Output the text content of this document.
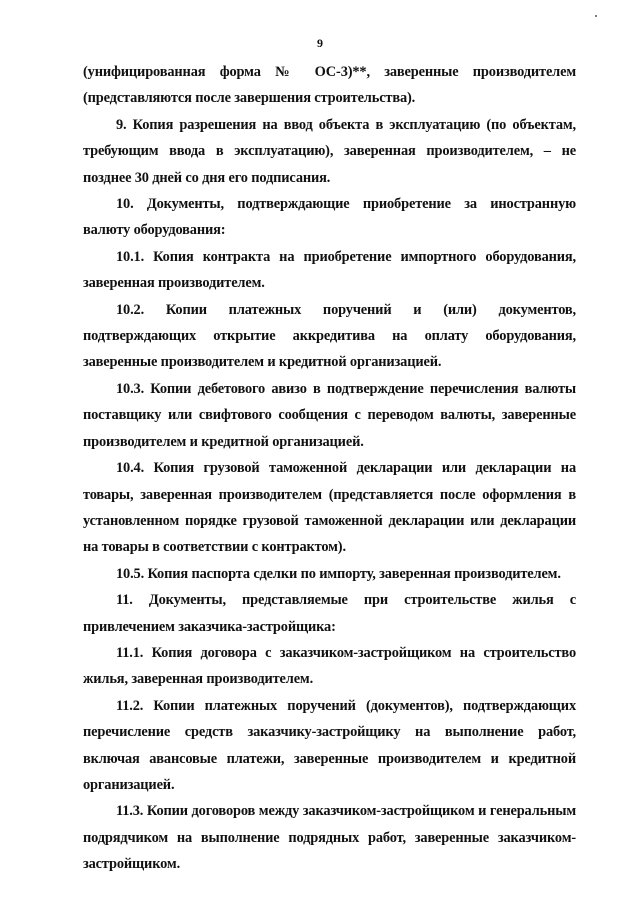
9

(унифицированная форма № ОС-3)**, заверенные производителем (представляются после завершения строительства).

9. Копия разрешения на ввод объекта в эксплуатацию (по объектам, требующим ввода в эксплуатацию), заверенная производителем, – не позднее 30 дней со дня его подписания.

10. Документы, подтверждающие приобретение за иностранную валюту оборудования:

10.1. Копия контракта на приобретение импортного оборудования, заверенная производителем.

10.2. Копии платежных поручений и (или) документов, подтверждающих открытие аккредитива на оплату оборудования, заверенные производителем и кредитной организацией.

10.3. Копии дебетового авизо в подтверждение перечисления валюты поставщику или свифтового сообщения с переводом валюты, заверенные производителем и кредитной организацией.

10.4. Копия грузовой таможенной декларации или декларации на товары, заверенная производителем (представляется после оформления в установленном порядке грузовой таможенной декларации или декларации на товары в соответствии с контрактом).

10.5. Копия паспорта сделки по импорту, заверенная производителем.

11. Документы, представляемые при строительстве жилья с привлечением заказчика-застройщика:

11.1. Копия договора с заказчиком-застройщиком на строительство жилья, заверенная производителем.

11.2. Копии платежных поручений (документов), подтверждающих перечисление средств заказчику-застройщику на выполнение работ, включая авансовые платежи, заверенные производителем и кредитной организацией.

11.3. Копии договоров между заказчиком-застройщиком и генеральным подрядчиком на выполнение подрядных работ, заверенные заказчиком-застройщиком.
